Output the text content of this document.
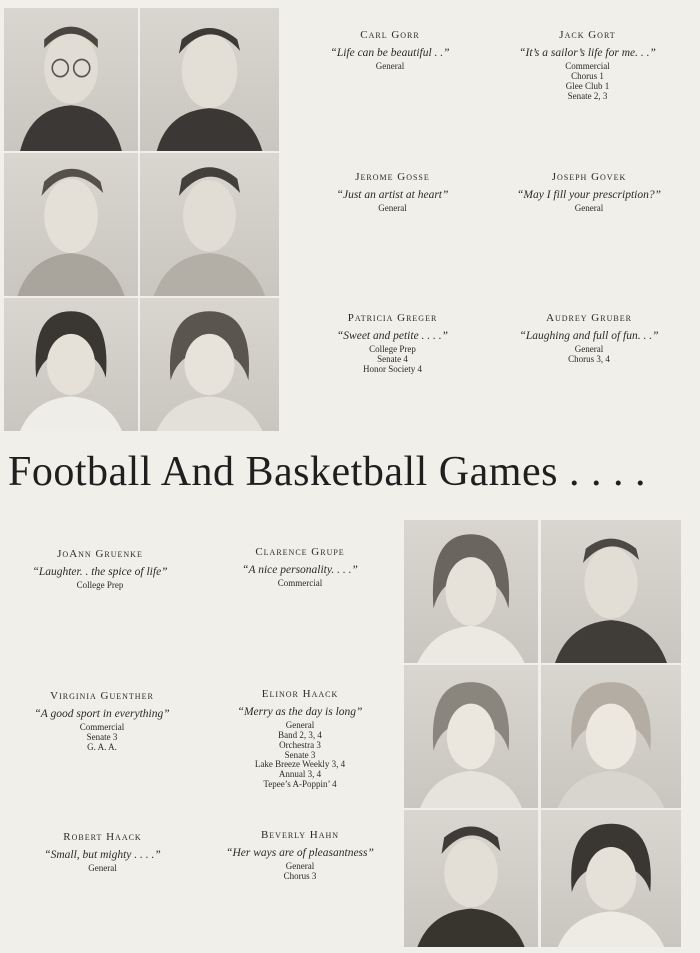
Carl Gorr
“Life can be beautiful . .”
General
Jack Gort
“It’s a sailor’s life for me. . .”
Commercial
Chorus 1
Glee Club 1
Senate 2, 3
Jerome Gosse
“Just an artist at heart”
General
Joseph Govek
“May I fill your prescription?”
General
Patricia Greger
“Sweet and petite . . . .”
College Prep
Senate 4
Honor Society 4
Audrey Gruber
“Laughing and full of fun. . .”
General
Chorus 3, 4
Football And Basketball Games . . . .
JoAnn Gruenke
“Laughter. . the spice of life”
College Prep
Clarence Grupe
“A nice personality. . . .”
Commercial
Virginia Guenther
“A good sport in everything”
Commercial
Senate 3
G. A. A.
Elinor Haack
“Merry as the day is long”
General
Band 2, 3, 4
Orchestra 3
Senate 3
Lake Breeze Weekly 3, 4
Annual 3, 4
Tepee’s A-Poppin’ 4
Robert Haack
“Small, but mighty . . . .”
General
Beverly Hahn
“Her ways are of pleasantness”
General
Chorus 3
